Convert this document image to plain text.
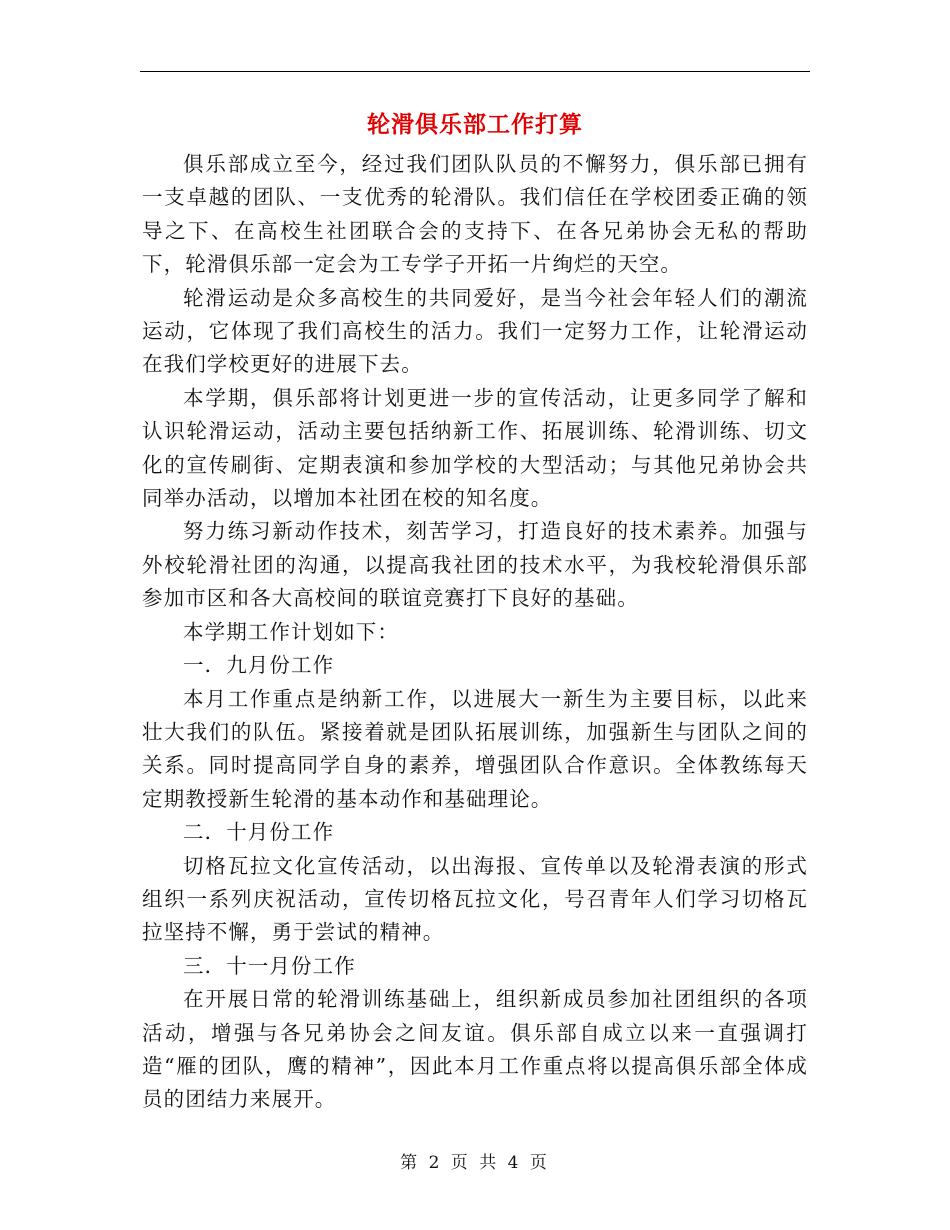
轮滑俱乐部工作打算

俱乐部成立至今，经过我们团队队员的不懈努力，俱乐部已拥有一支卓越的团队、一支优秀的轮滑队。我们信任在学校团委正确的领导之下、在高校生社团联合会的支持下、在各兄弟协会无私的帮助下，轮滑俱乐部一定会为工专学子开拓一片绚烂的天空。

轮滑运动是众多高校生的共同爱好，是当今社会年轻人们的潮流运动，它体现了我们高校生的活力。我们一定努力工作，让轮滑运动在我们学校更好的进展下去。

本学期，俱乐部将计划更进一步的宣传活动，让更多同学了解和认识轮滑运动，活动主要包括纳新工作、拓展训练、轮滑训练、切文化的宣传刷街、定期表演和参加学校的大型活动；与其他兄弟协会共同举办活动，以增加本社团在校的知名度。

努力练习新动作技术，刻苦学习，打造良好的技术素养。加强与外校轮滑社团的沟通，以提高我社团的技术水平，为我校轮滑俱乐部参加市区和各大高校间的联谊竞赛打下良好的基础。

本学期工作计划如下：

一．九月份工作

本月工作重点是纳新工作，以进展大一新生为主要目标，以此来壮大我们的队伍。紧接着就是团队拓展训练，加强新生与团队之间的关系。同时提高同学自身的素养，增强团队合作意识。全体教练每天定期教授新生轮滑的基本动作和基础理论。

二．十月份工作

切格瓦拉文化宣传活动，以出海报、宣传单以及轮滑表演的形式组织一系列庆祝活动，宣传切格瓦拉文化，号召青年人们学习切格瓦拉坚持不懈，勇于尝试的精神。

三．十一月份工作

在开展日常的轮滑训练基础上，组织新成员参加社团组织的各项活动，增强与各兄弟协会之间友谊。俱乐部自成立以来一直强调打造“雁的团队，鹰的精神”，因此本月工作重点将以提高俱乐部全体成员的团结力来展开。

第 2 页 共 4 页
